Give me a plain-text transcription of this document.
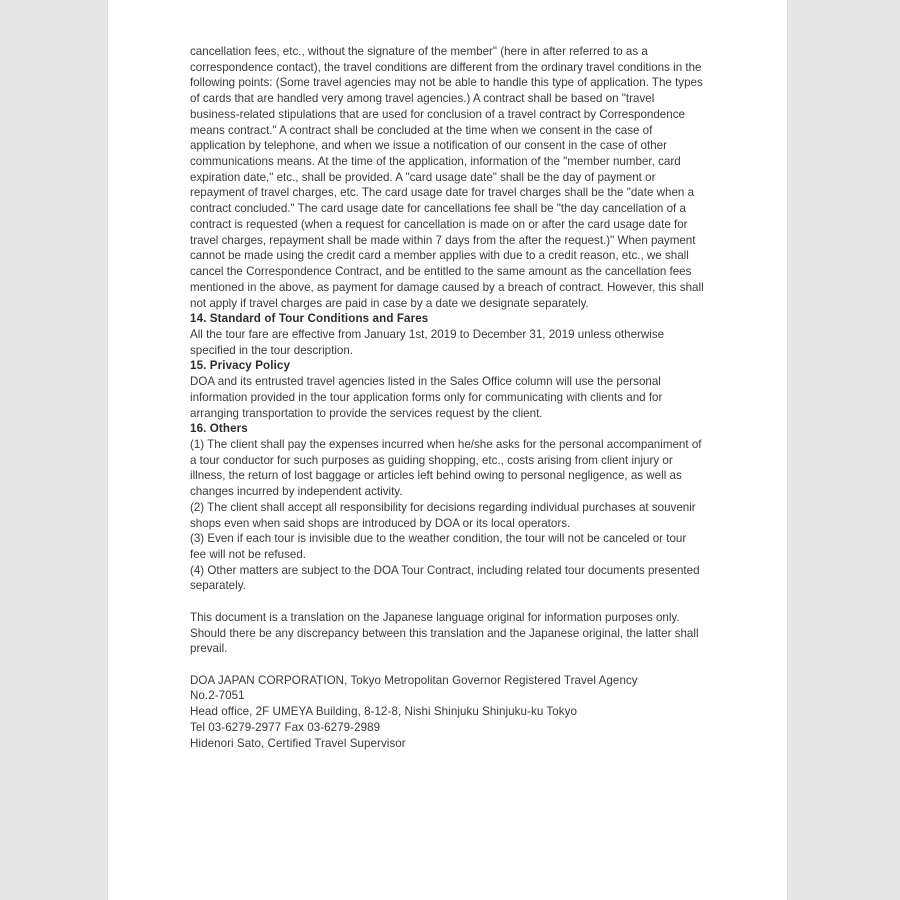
cancellation fees, etc., without the signature of the member" (here in after referred to as a correspondence contact), the travel conditions are different from the ordinary travel conditions in the following points: (Some travel agencies may not be able to handle this type of application. The types of cards that are handled very among travel agencies.) A contract shall be based on "travel business-related stipulations that are used for conclusion of a travel contract by Correspondence means contract." A contract shall be concluded at the time when we consent in the case of application by telephone, and when we issue a notification of our consent in the case of other communications means. At the time of the application, information of the "member number, card expiration date," etc., shall be provided. A "card usage date" shall be the day of payment or repayment of travel charges, etc. The card usage date for travel charges shall be the "date when a contract concluded." The card usage date for cancellations fee shall be "the day cancellation of a contract is requested (when a request for cancellation is made on or after the card usage date for travel charges, repayment shall be made within 7 days from the after the request.)" When payment cannot be made using the credit card a member applies with due to a credit reason, etc., we shall cancel the Correspondence Contract, and be entitled to the same amount as the cancellation fees mentioned in the above, as payment for damage caused by a breach of contract. However, this shall not apply if travel charges are paid in case by a date we designate separately.

14. Standard of Tour Conditions and Fares

All the tour fare are effective from January 1st, 2019 to December 31, 2019 unless otherwise specified in the tour description.

15. Privacy Policy

DOA and its entrusted travel agencies listed in the Sales Office column will use the personal information provided in the tour application forms only for communicating with clients and for arranging transportation to provide the services request by the client.

16. Others

(1) The client shall pay the expenses incurred when he/she asks for the personal accompaniment of a tour conductor for such purposes as guiding shopping, etc., costs arising from client injury or illness, the return of lost baggage or articles left behind owing to personal negligence, as well as changes incurred by independent activity.

(2) The client shall accept all responsibility for decisions regarding individual purchases at souvenir shops even when said shops are introduced by DOA or its local operators.

(3) Even if each tour is invisible due to the weather condition, the tour will not be canceled or tour fee will not be refused.

(4) Other matters are subject to the DOA Tour Contract, including related tour documents presented separately.

This document is a translation on the Japanese language original for information purposes only. Should there be any discrepancy between this translation and the Japanese original, the latter shall prevail.

DOA JAPAN CORPORATION, Tokyo Metropolitan Governor Registered Travel Agency
No.2-7051
Head office, 2F UMEYA Building, 8-12-8, Nishi Shinjuku Shinjuku-ku Tokyo
Tel 03-6279-2977 Fax 03-6279-2989
Hidenori Sato, Certified Travel Supervisor
